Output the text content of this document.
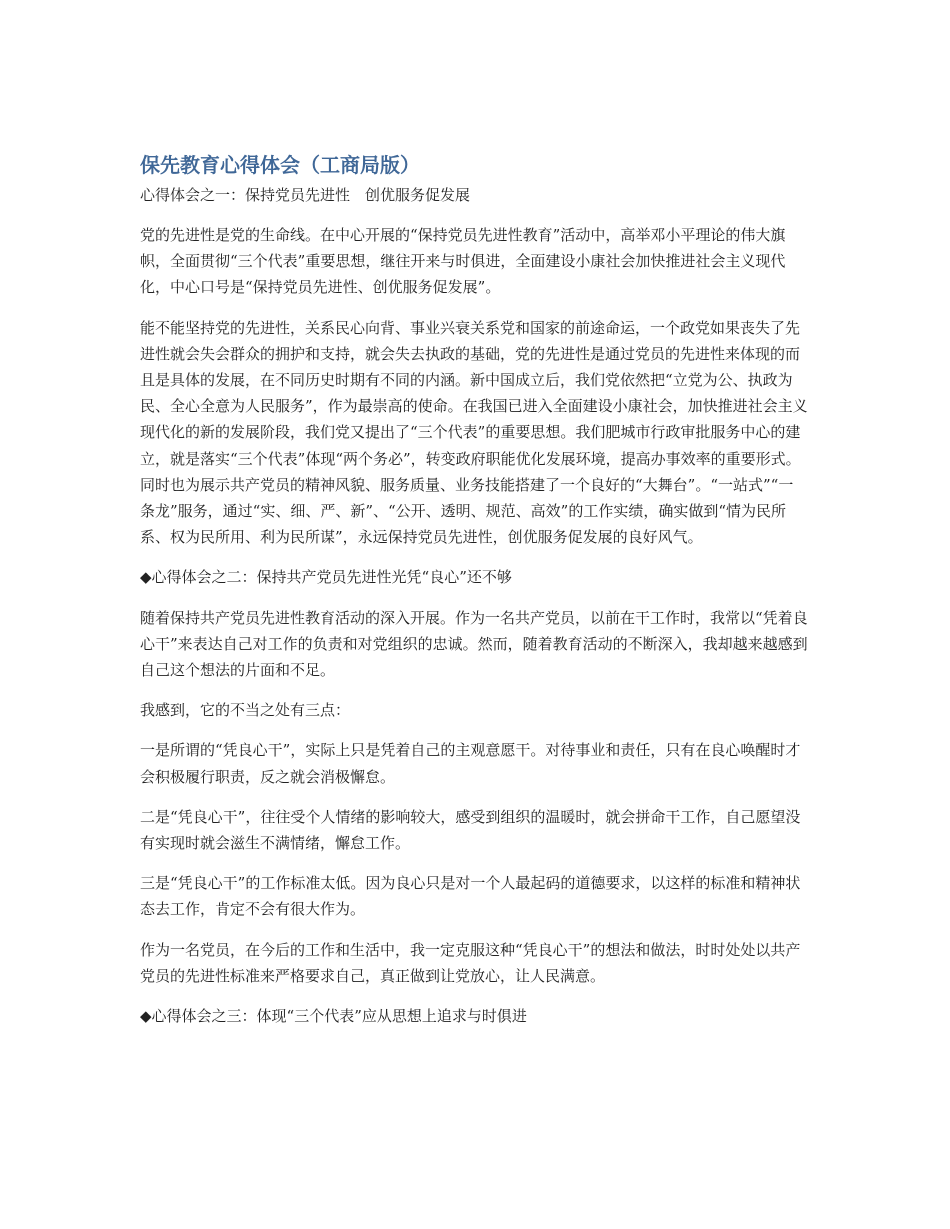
保先教育心得体会（工商局版）
心得体会之一：保持党员先进性　创优服务促发展

党的先进性是党的生命线。在中心开展的“保持党员先进性教育”活动中，高举邓小平理论的伟大旗帜，全面贯彻“三个代表”重要思想，继往开来与时俱进，全面建设小康社会加快推进社会主义现代化，中心口号是“保持党员先进性、创优服务促发展”。

能不能坚持党的先进性，关系民心向背、事业兴衰关系党和国家的前途命运，一个政党如果丧失了先进性就会失会群众的拥护和支持，就会失去执政的基础，党的先进性是通过党员的先进性来体现的而且是具体的发展，在不同历史时期有不同的内涵。新中国成立后，我们党依然把“立党为公、执政为民、全心全意为人民服务”，作为最崇高的使命。在我国已进入全面建设小康社会，加快推进社会主义现代化的新的发展阶段，我们党又提出了“三个代表”的重要思想。我们肥城市行政审批服务中心的建立，就是落实“三个代表”体现“两个务必”，转变政府职能优化发展环境，提高办事效率的重要形式。同时也为展示共产党员的精神风貌、服务质量、业务技能搭建了一个良好的“大舞台”。“一站式”“一条龙”服务，通过“实、细、严、新”、“公开、透明、规范、高效”的工作实绩，确实做到“情为民所系、权为民所用、利为民所谋”，永远保持党员先进性，创优服务促发展的良好风气。

◆心得体会之二：保持共产党员先进性光凭“良心”还不够

随着保持共产党员先进性教育活动的深入开展。作为一名共产党员，以前在干工作时，我常以“凭着良心干”来表达自己对工作的负责和对党组织的忠诚。然而，随着教育活动的不断深入，我却越来越感到自己这个想法的片面和不足。

我感到，它的不当之处有三点：

一是所谓的“凭良心干”，实际上只是凭着自己的主观意愿干。对待事业和责任，只有在良心唤醒时才会积极履行职责，反之就会消极懈怠。

二是“凭良心干”，往往受个人情绪的影响较大，感受到组织的温暖时，就会拼命干工作，自己愿望没有实现时就会滋生不满情绪，懈怠工作。

三是“凭良心干”的工作标准太低。因为良心只是对一个人最起码的道德要求，以这样的标准和精神状态去工作，肯定不会有很大作为。

作为一名党员，在今后的工作和生活中，我一定克服这种“凭良心干”的想法和做法，时时处处以共产党员的先进性标准来严格要求自己，真正做到让党放心，让人民满意。

◆心得体会之三：体现“三个代表”应从思想上追求与时俱进
